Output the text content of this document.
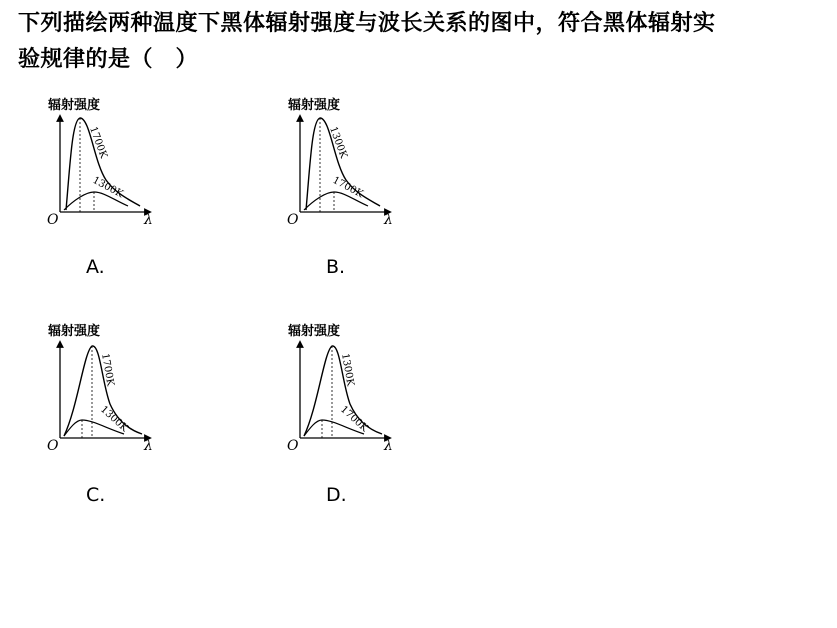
下列描绘两种温度下黑体辐射强度与波长关系的图中，符合黑体辐射实
验规律的是（　）
辐射强度
O	λ
1700K
1300K
A.
辐射强度
O	λ
1300K
1700K
B.
辐射强度
O	λ
1700K
1300K
C.
辐射强度
O	λ
1300K
1700K
D.
